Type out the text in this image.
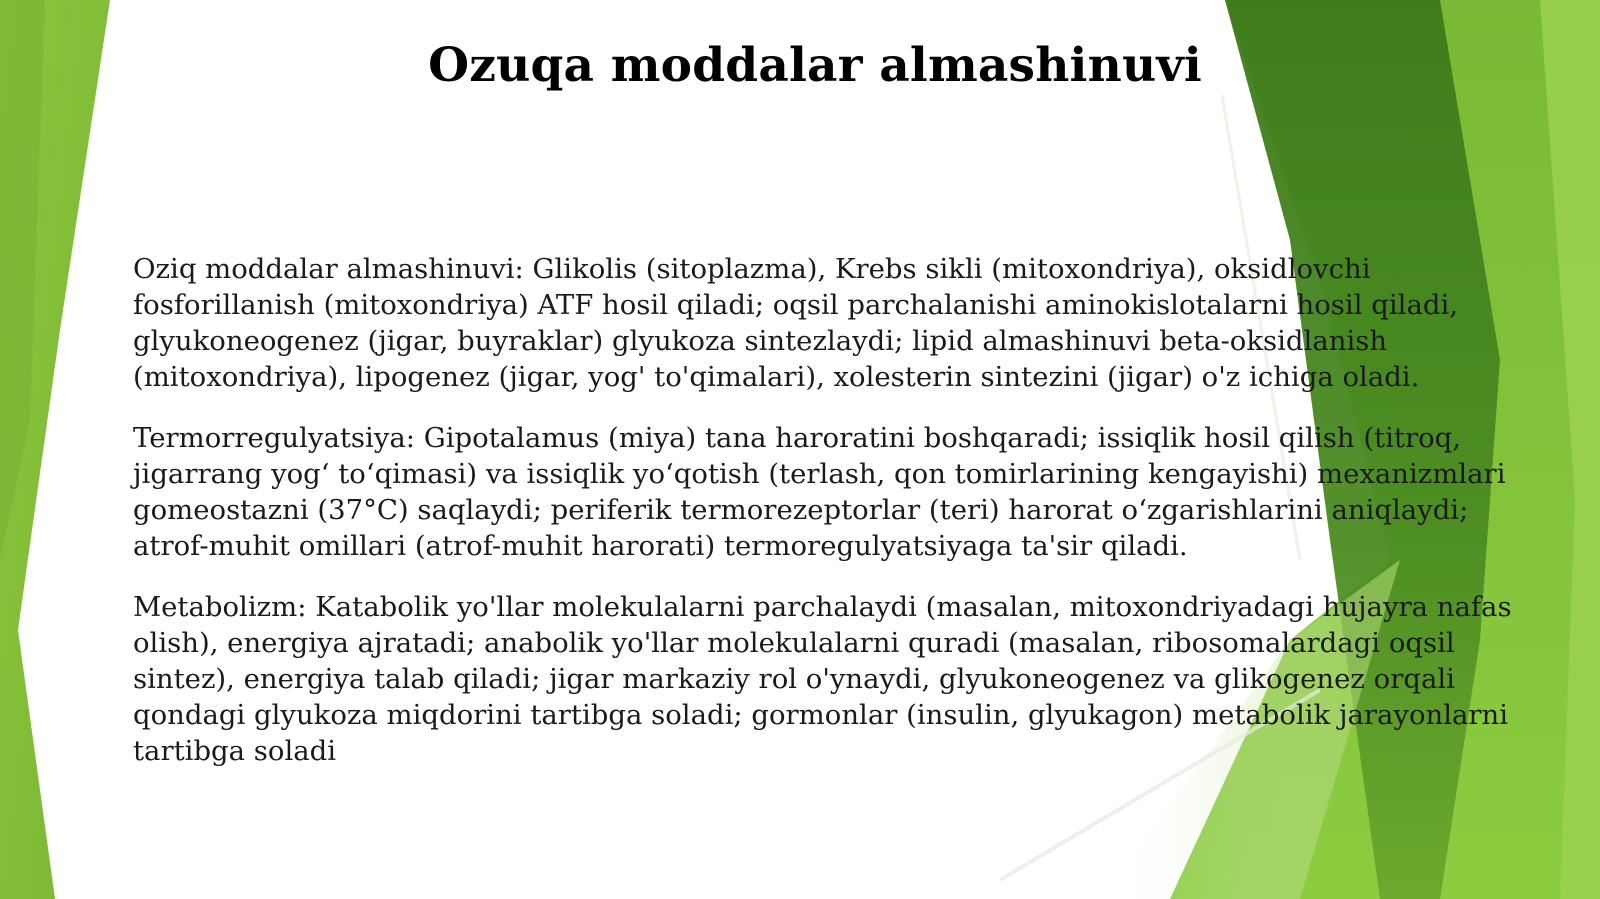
Ozuqa moddalar almashinuvi

Oziq moddalar almashinuvi: Glikolis (sitoplazma), Krebs sikli (mitoxondriya), oksidlovchi fosforillanish (mitoxondriya) ATF hosil qiladi; oqsil parchalanishi aminokislotalarni hosil qiladi, glyukoneogenez (jigar, buyraklar) glyukoza sintezlaydi; lipid almashinuvi beta-oksidlanish (mitoxondriya), lipogenez (jigar, yog' to'qimalari), xolesterin sintezini (jigar) o'z ichiga oladi.

Termorregulyatsiya: Gipotalamus (miya) tana haroratini boshqaradi; issiqlik hosil qilish (titroq, jigarrang yog‘ to‘qimasi) va issiqlik yo‘qotish (terlash, qon tomirlarining kengayishi) mexanizmlari gomeostazni (37°C) saqlaydi; periferik termorezeptorlar (teri) harorat o‘zgarishlarini aniqlaydi; atrof-muhit omillari (atrof-muhit harorati) termoregulyatsiyaga ta'sir qiladi.

Metabolizm: Katabolik yo'llar molekulalarni parchalaydi (masalan, mitoxondriyadagi hujayra nafas olish), energiya ajratadi; anabolik yo'llar molekulalarni quradi (masalan, ribosomalardagi oqsil sintez), energiya talab qiladi; jigar markaziy rol o'ynaydi, glyukoneogenez va glikogenez orqali qondagi glyukoza miqdorini tartibga soladi; gormonlar (insulin, glyukagon) metabolik jarayonlarni tartibga soladi
